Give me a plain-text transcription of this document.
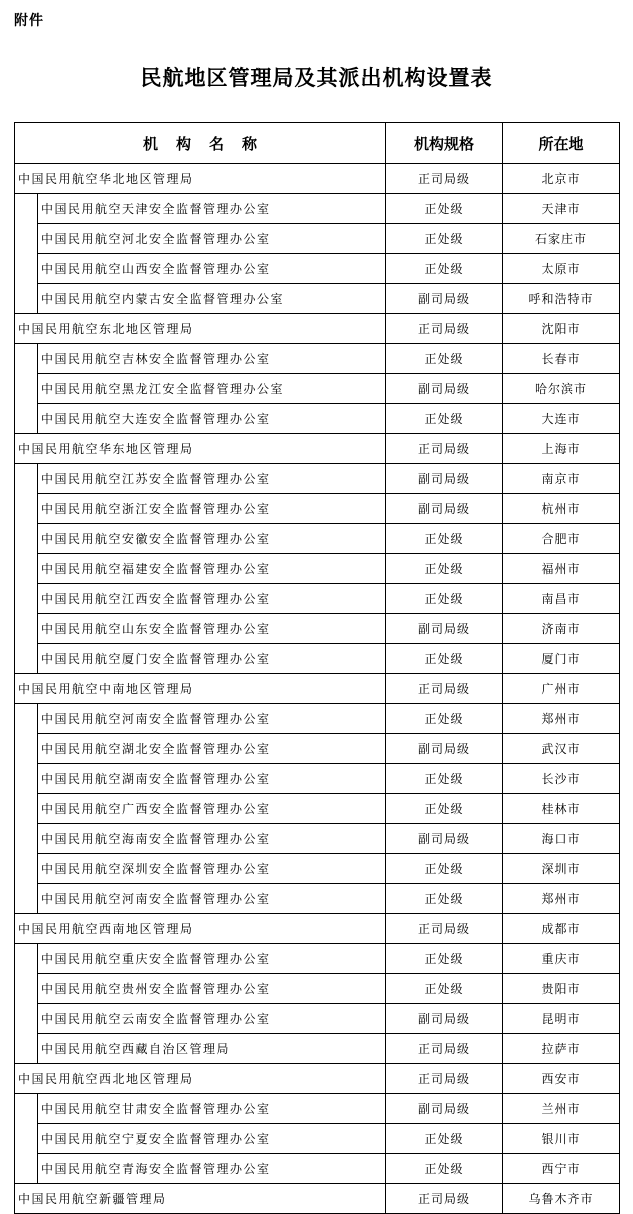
附件
民航地区管理局及其派出机构设置表
机构名称	机构规格	所在地
中国民用航空华北地区管理局	正司局级	北京市
中国民用航空天津安全监督管理办公室	正处级	天津市
中国民用航空河北安全监督管理办公室	正处级	石家庄市
中国民用航空山西安全监督管理办公室	正处级	太原市
中国民用航空内蒙古安全监督管理办公室	副司局级	呼和浩特市
中国民用航空东北地区管理局	正司局级	沈阳市
中国民用航空吉林安全监督管理办公室	正处级	长春市
中国民用航空黑龙江安全监督管理办公室	副司局级	哈尔滨市
中国民用航空大连安全监督管理办公室	正处级	大连市
中国民用航空华东地区管理局	正司局级	上海市
中国民用航空江苏安全监督管理办公室	副司局级	南京市
中国民用航空浙江安全监督管理办公室	副司局级	杭州市
中国民用航空安徽安全监督管理办公室	正处级	合肥市
中国民用航空福建安全监督管理办公室	正处级	福州市
中国民用航空江西安全监督管理办公室	正处级	南昌市
中国民用航空山东安全监督管理办公室	副司局级	济南市
中国民用航空厦门安全监督管理办公室	正处级	厦门市
中国民用航空中南地区管理局	正司局级	广州市
中国民用航空河南安全监督管理办公室	正处级	郑州市
中国民用航空湖北安全监督管理办公室	副司局级	武汉市
中国民用航空湖南安全监督管理办公室	正处级	长沙市
中国民用航空广西安全监督管理办公室	正处级	桂林市
中国民用航空海南安全监督管理办公室	副司局级	海口市
中国民用航空深圳安全监督管理办公室	正处级	深圳市
中国民用航空河南安全监督管理办公室	正处级	郑州市
中国民用航空西南地区管理局	正司局级	成都市
中国民用航空重庆安全监督管理办公室	正处级	重庆市
中国民用航空贵州安全监督管理办公室	正处级	贵阳市
中国民用航空云南安全监督管理办公室	副司局级	昆明市
中国民用航空西藏自治区管理局	正司局级	拉萨市
中国民用航空西北地区管理局	正司局级	西安市
中国民用航空甘肃安全监督管理办公室	副司局级	兰州市
中国民用航空宁夏安全监督管理办公室	正处级	银川市
中国民用航空青海安全监督管理办公室	正处级	西宁市
中国民用航空新疆管理局	正司局级	乌鲁木齐市
